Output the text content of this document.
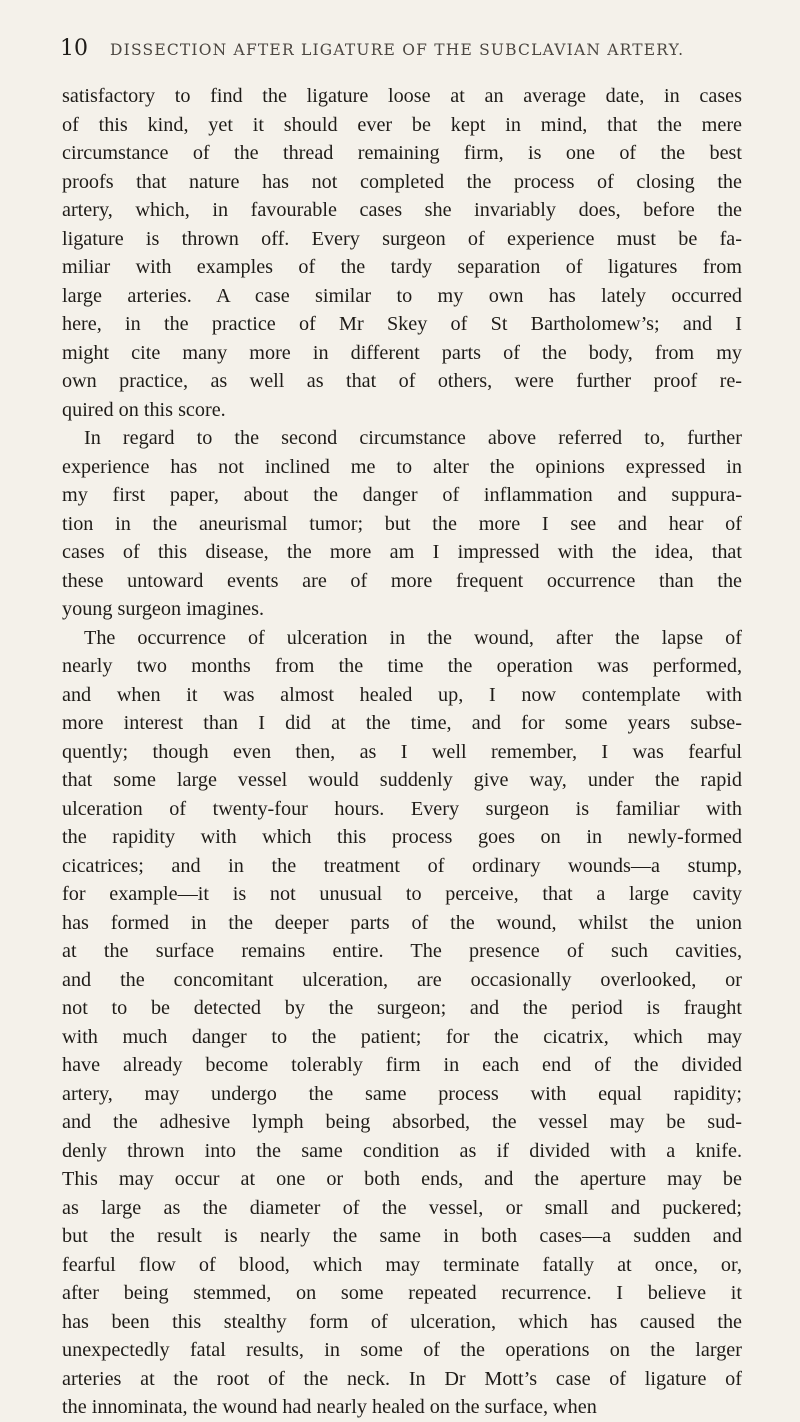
10 DISSECTION AFTER LIGATURE OF THE SUBCLAVIAN ARTERY.
satisfactory to find the ligature loose at an average date, in cases
of this kind, yet it should ever be kept in mind, that the mere
circumstance of the thread remaining firm, is one of the best
proofs that nature has not completed the process of closing the
artery, which, in favourable cases she invariably does, before the
ligature is thrown off. Every surgeon of experience must be fa-
miliar with examples of the tardy separation of ligatures from
large arteries. A case similar to my own has lately occurred
here, in the practice of Mr Skey of St Bartholomew’s; and I
might cite many more in different parts of the body, from my
own practice, as well as that of others, were further proof re-
quired on this score.
In regard to the second circumstance above referred to, further
experience has not inclined me to alter the opinions expressed in
my first paper, about the danger of inflammation and suppura-
tion in the aneurismal tumor; but the more I see and hear of
cases of this disease, the more am I impressed with the idea, that
these untoward events are of more frequent occurrence than the
young surgeon imagines.
The occurrence of ulceration in the wound, after the lapse of
nearly two months from the time the operation was performed,
and when it was almost healed up, I now contemplate with
more interest than I did at the time, and for some years subse-
quently; though even then, as I well remember, I was fearful
that some large vessel would suddenly give way, under the rapid
ulceration of twenty-four hours. Every surgeon is familiar with
the rapidity with which this process goes on in newly-formed
cicatrices; and in the treatment of ordinary wounds—a stump,
for example—it is not unusual to perceive, that a large cavity
has formed in the deeper parts of the wound, whilst the union
at the surface remains entire. The presence of such cavities,
and the concomitant ulceration, are occasionally overlooked, or
not to be detected by the surgeon; and the period is fraught
with much danger to the patient; for the cicatrix, which may
have already become tolerably firm in each end of the divided
artery, may undergo the same process with equal rapidity;
and the adhesive lymph being absorbed, the vessel may be sud-
denly thrown into the same condition as if divided with a knife.
This may occur at one or both ends, and the aperture may be
as large as the diameter of the vessel, or small and puckered;
but the result is nearly the same in both cases—a sudden and
fearful flow of blood, which may terminate fatally at once, or,
after being stemmed, on some repeated recurrence. I believe it
has been this stealthy form of ulceration, which has caused the
unexpectedly fatal results, in some of the operations on the larger
arteries at the root of the neck. In Dr Mott’s case of ligature of
the innominata, the wound had nearly healed on the surface, when
